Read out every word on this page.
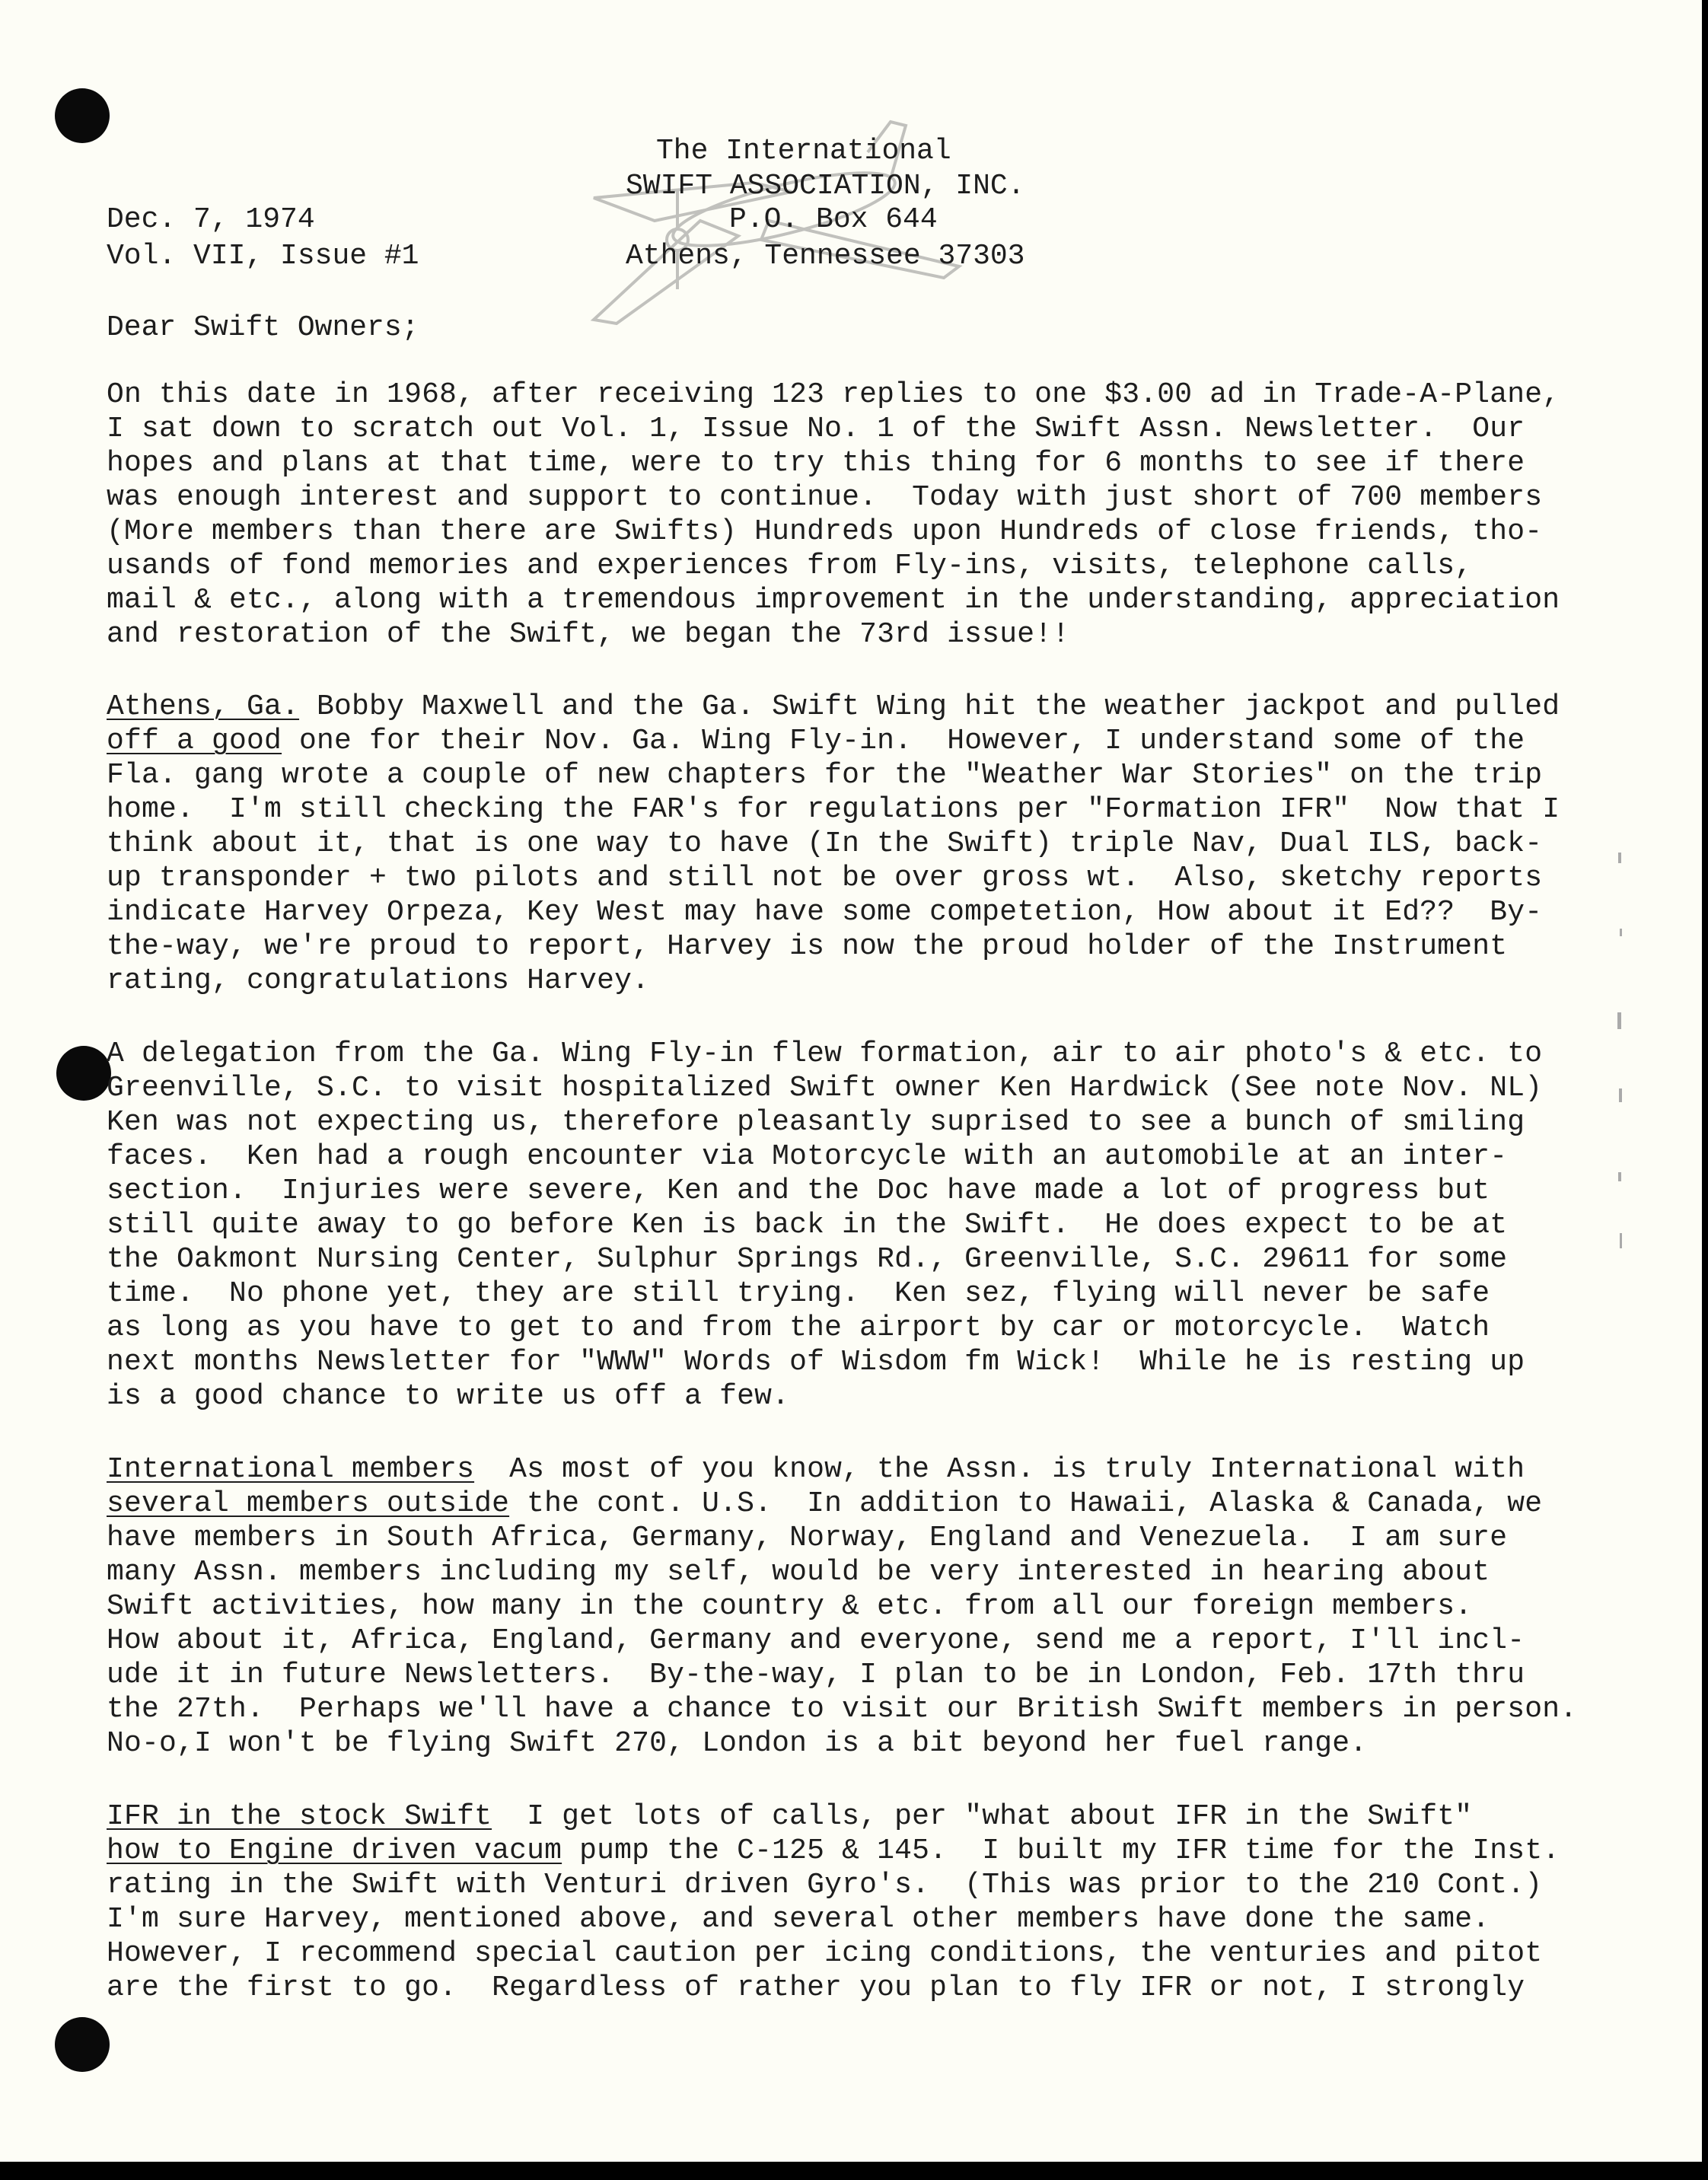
The International
SWIFT ASSOCIATION, INC.
Dec. 7, 1974	P.O. Box 644
Vol. VII, Issue #1	Athens, Tennessee 37303
Dear Swift Owners;
On this date in 1968, after receiving 123 replies to one $3.00 ad in Trade-A-Plane,
I sat down to scratch out Vol. 1, Issue No. 1 of the Swift Assn. Newsletter.  Our
hopes and plans at that time, were to try this thing for 6 months to see if there
was enough interest and support to continue.  Today with just short of 700 members
(More members than there are Swifts) Hundreds upon Hundreds of close friends, tho-
usands of fond memories and experiences from Fly-ins, visits, telephone calls,
mail & etc., along with a tremendous improvement in the understanding, appreciation
and restoration of the Swift, we began the 73rd issue!!
Athens, Ga. Bobby Maxwell and the Ga. Swift Wing hit the weather jackpot and pulled
off a good one for their Nov. Ga. Wing Fly-in.  However, I understand some of the
Fla. gang wrote a couple of new chapters for the "Weather War Stories" on the trip
home.  I'm still checking the FAR's for regulations per "Formation IFR"  Now that I
think about it, that is one way to have (In the Swift) triple Nav, Dual ILS, back-
up transponder + two pilots and still not be over gross wt.  Also, sketchy reports
indicate Harvey Orpeza, Key West may have some competetion, How about it Ed??  By-
the-way, we're proud to report, Harvey is now the proud holder of the Instrument
rating, congratulations Harvey.
A delegation from the Ga. Wing Fly-in flew formation, air to air photo's & etc. to
Greenville, S.C. to visit hospitalized Swift owner Ken Hardwick (See note Nov. NL)
Ken was not expecting us, therefore pleasantly suprised to see a bunch of smiling
faces.  Ken had a rough encounter via Motorcycle with an automobile at an inter-
section.  Injuries were severe, Ken and the Doc have made a lot of progress but
still quite away to go before Ken is back in the Swift.  He does expect to be at
the Oakmont Nursing Center, Sulphur Springs Rd., Greenville, S.C. 29611 for some
time.  No phone yet, they are still trying.  Ken sez, flying will never be safe
as long as you have to get to and from the airport by car or motorcycle.  Watch
next months Newsletter for "WWW" Words of Wisdom fm Wick!  While he is resting up
is a good chance to write us off a few.
International members  As most of you know, the Assn. is truly International with
several members outside the cont. U.S.  In addition to Hawaii, Alaska & Canada, we
have members in South Africa, Germany, Norway, England and Venezuela.  I am sure
many Assn. members including my self, would be very interested in hearing about
Swift activities, how many in the country & etc. from all our foreign members.
How about it, Africa, England, Germany and everyone, send me a report, I'll incl-
ude it in future Newsletters.  By-the-way, I plan to be in London, Feb. 17th thru
the 27th.  Perhaps we'll have a chance to visit our British Swift members in person.
No-o,I won't be flying Swift 270, London is a bit beyond her fuel range.
IFR in the stock Swift  I get lots of calls, per "what about IFR in the Swift"
how to Engine driven vacum pump the C-125 & 145.  I built my IFR time for the Inst.
rating in the Swift with Venturi driven Gyro's.  (This was prior to the 210 Cont.)
I'm sure Harvey, mentioned above, and several other members have done the same.
However, I recommend special caution per icing conditions, the venturies and pitot
are the first to go.  Regardless of rather you plan to fly IFR or not, I strongly
